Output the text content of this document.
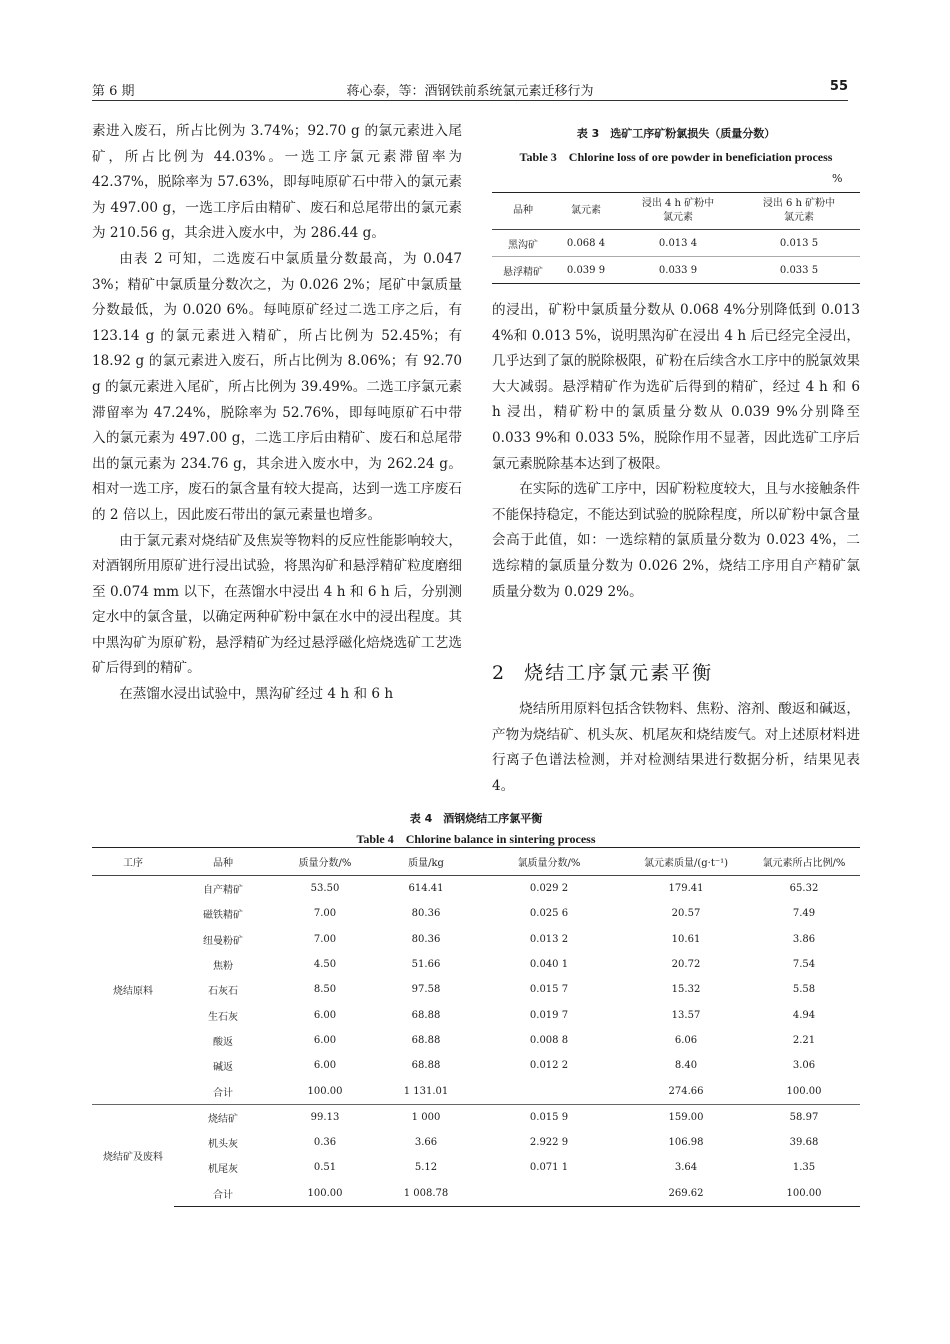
第 6 期	蒋心泰，等：酒钢铁前系统氯元素迁移行为	55

素进入废石，所占比例为 3.74%；92.70 g 的氯元素进入尾矿，所占比例为 44.03%。一选工序氯元素滞留率为 42.37%，脱除率为 57.63%，即每吨原矿石中带入的氯元素为 497.00 g，一选工序后由精矿、废石和总尾带出的氯元素为 210.56 g，其余进入废水中，为 286.44 g。

由表 2 可知，二选废石中氯质量分数最高，为 0.047 3%；精矿中氯质量分数次之，为 0.026 2%；尾矿中氯质量分数最低，为 0.020 6%。每吨原矿经过二选工序之后，有 123.14 g 的氯元素进入精矿，所占比例为 52.45%；有 18.92 g 的氯元素进入废石，所占比例为 8.06%；有 92.70 g 的氯元素进入尾矿，所占比例为 39.49%。二选工序氯元素滞留率为 47.24%，脱除率为 52.76%，即每吨原矿石中带入的氯元素为 497.00 g，二选工序后由精矿、废石和总尾带出的氯元素为 234.76 g，其余进入废水中，为 262.24 g。相对一选工序，废石的氯含量有较大提高，达到一选工序废石的 2 倍以上，因此废石带出的氯元素量也增多。

由于氯元素对烧结矿及焦炭等物料的反应性能影响较大，对酒钢所用原矿进行浸出试验，将黑沟矿和悬浮精矿粒度磨细至 0.074 mm 以下，在蒸馏水中浸出 4 h 和 6 h 后，分别测定水中的氯含量，以确定两种矿粉中氯在水中的浸出程度。其中黑沟矿为原矿粉，悬浮精矿为经过悬浮磁化焙烧选矿工艺选矿后得到的精矿。

在蒸馏水浸出试验中，黑沟矿经过 4 h 和 6 h

表 3　选矿工序矿粉氯损失（质量分数）
Table 3　Chlorine loss of ore powder in beneficiation process
%
品种	氯元素	浸出 4 h 矿粉中氯元素	浸出 6 h 矿粉中氯元素

黑沟矿	0.068 4	0.013 4	0.013 5
悬浮精矿	0.039 9	0.033 9	0.033 5

的浸出，矿粉中氯质量分数从 0.068 4%分别降低到 0.013 4%和 0.013 5%，说明黑沟矿在浸出 4 h 后已经完全浸出，几乎达到了氯的脱除极限，矿粉在后续含水工序中的脱氯效果大大减弱。悬浮精矿作为选矿后得到的精矿，经过 4 h 和 6 h 浸出，精矿粉中的氯质量分数从 0.039 9%分别降至 0.033 9%和 0.033 5%，脱除作用不显著，因此选矿工序后氯元素脱除基本达到了极限。

在实际的选矿工序中，因矿粉粒度较大，且与水接触条件不能保持稳定，不能达到试验的脱除程度，所以矿粉中氯含量会高于此值，如：一选综精的氯质量分数为 0.023 4%，二选综精的氯质量分数为 0.026 2%，烧结工序用自产精矿氯质量分数为 0.029 2%。

2 烧结工序氯元素平衡

烧结所用原料包括含铁物料、焦粉、溶剂、酸返和碱返，产物为烧结矿、机头灰、机尾灰和烧结废气。对上述原材料进行离子色谱法检测，并对检测结果进行数据分析，结果见表 4。

表 4　酒钢烧结工序氯平衡
Table 4　Chlorine balance in sintering process
工序	品种	质量分数/%	质量/kg	氯质量分数/%	氯元素质量/(g·t⁻¹)	氯元素所占比例/%
烧结原料	自产精矿	53.50	614.41	0.029 2	179.41	65.32
	磁铁精矿	7.00	80.36	0.025 6	20.57	7.49
	纽曼粉矿	7.00	80.36	0.013 2	10.61	3.86
	焦粉	4.50	51.66	0.040 1	20.72	7.54
	石灰石	8.50	97.58	0.015 7	15.32	5.58
	生石灰	6.00	68.88	0.019 7	13.57	4.94
	酸返	6.00	68.88	0.008 8	6.06	2.21
	碱返	6.00	68.88	0.012 2	8.40	3.06
	合计	100.00	1 131.01		274.66	100.00
烧结矿及废料	烧结矿	99.13	1 000	0.015 9	159.00	58.97
	机头灰	0.36	3.66	2.922 9	106.98	39.68
	机尾灰	0.51	5.12	0.071 1	3.64	1.35
	合计	100.00	1 008.78		269.62	100.00
